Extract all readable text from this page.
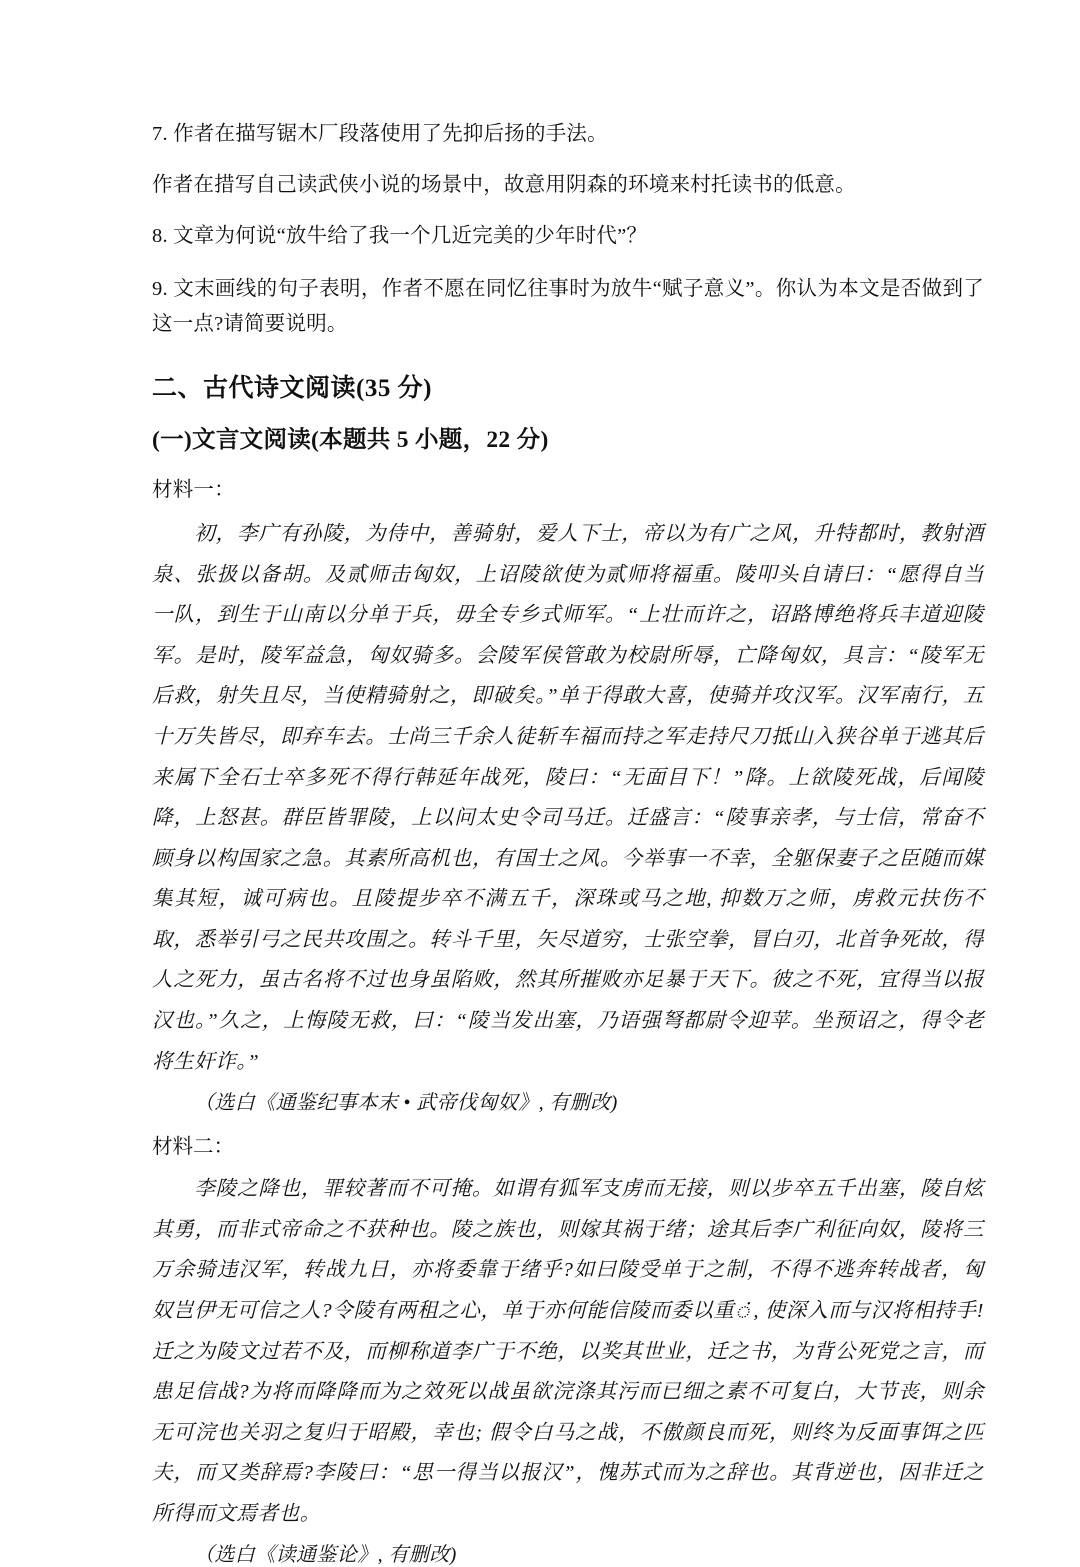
7. 作者在描写锯木厂段落使用了先抑后扬的手法。
作者在措写自己读武侠小说的场景中，故意用阴森的环境来村托读书的低意。
8. 文章为何说“放牛给了我一个几近完美的少年时代”？
9. 文末画线的句子表明，作者不愿在同忆往事时为放牛“赋子意义”。你认为本文是否做到了这一点?请简要说明。
二、古代诗文阅读(35 分)
(一)文言文阅读(本题共 5 小题，22 分)
材料一：
初，李广有孙陵，为侍中，善骑射，爱人下士，帝以为有广之风，升特都时，教射酒泉、张扱以备胡。及贰师击匈奴，上诏陵欲使为贰师将福重。陵叩头自请曰：“愿得自当一队，到生于山南以分单于兵，毋全专乡式师军。“上壮而许之，诏路博绝将兵丰道迎陵军。是时，陵军益急，匈奴骑多。会陵军侯管敢为校尉所辱，亡降匈奴，具言：“陵军无后救，射失且尽，当使精骑射之，即破矣。”单于得敢大喜，使骑并攻汉军。汉军南行，五十万失皆尽，即弃车去。士尚三千余人徒斩车福而持之军走持尺刀抵山入狭谷单于逃其后来属下全石士卒多死不得行韩延年战死，陵曰：“无面目下！”降。上欲陵死战，后闻陵降，上怒甚。群臣皆罪陵，上以问太史令司马迁。迁盛言：“陵事亲孝，与士信，常奋不顾身以构国家之急。其素所高机也，有国士之风。今举事一不幸，全躯保妻子之臣随而媒集其短，诚可病也。且陵提步卒不满五千，深珠或马之地, 抑数万之师，虏救元扶伤不取，悉举引弓之民共攻围之。转斗千里，矢尽道穷，士张空拳，冒白刃，北首争死故，得人之死力，虽古名将不过也身虽陷败，然其所摧败亦足暴于天下。彼之不死，宜得当以报汉也。”久之，上悔陵无救，曰：“陵当发出塞，乃语强弩都尉令迎苹。坐预诏之，得令老将生奸诈。”
（选白《通鉴纪事本末 • 武帝伐匈奴》, 有删改)
材料二：
李陵之降也，罪较著而不可掩。如谓有狐军支虏而无接，则以步卒五千出塞，陵自炫其勇，而非式帝命之不获种也。陵之族也，则嫁其祸于绪；途其后李广利征向奴，陵将三万余骑违汉军，转战九日，亦将委靠于绪乎?如曰陵受单于之制，不得不逃奔转战者，匈奴岂伊无可信之人?令陵有两租之心，单于亦何能信陵而委以重், 使深入而与汉将相持手!迁之为陵文过若不及，而柳称道李广于不绝，以奖其世业，迁之书，为背公死党之言，而患足信战?为将而降降而为之效死以战虽欲浣涤其污而已细之素不可复白，大节丧，则余无可浣也关羽之复归于昭殿，幸也; 假令白马之战，不傲颜良而死，则终为反面事饵之匹夫，而又类辞焉?李陵曰：“思一得当以报汉”，愧苏式而为之辞也。其背逆也，因非迁之所得而文焉者也。
（选白《读通鉴论》, 有删改)
